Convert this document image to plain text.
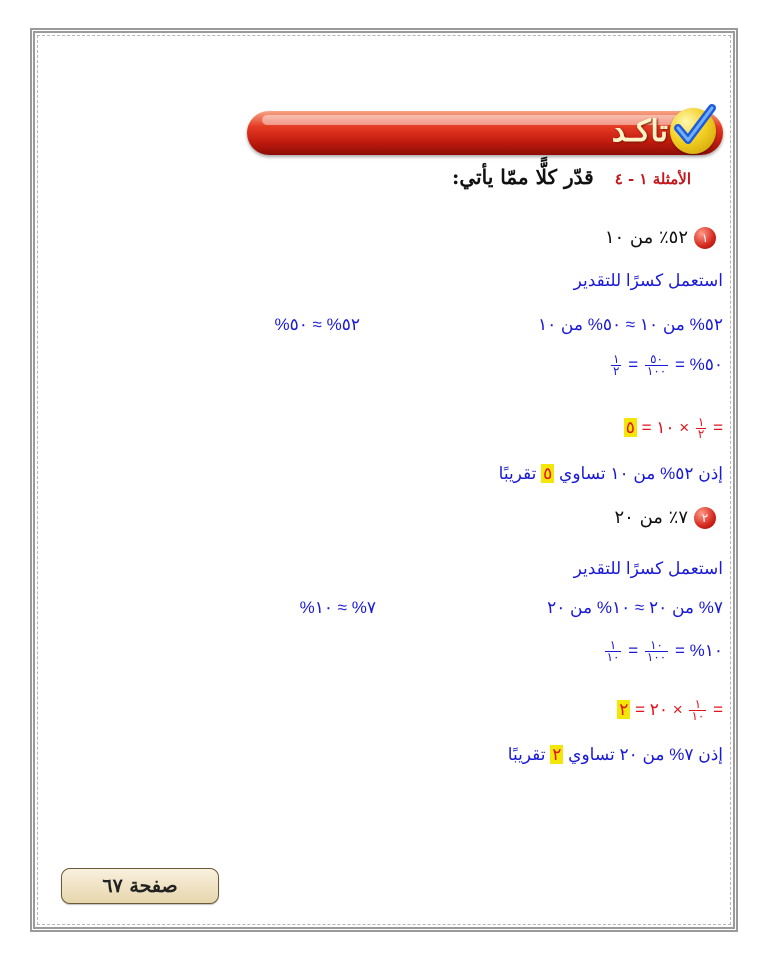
تاكـد
الأمثلة ١ - ٤ قدّر كلًّا ممّا يأتي:
١٥٢٪ من ١٠
استعمل كسرًا للتقدير
٥٢% من ١٠ ≈ ٥٠% من ١٠
٥٢% ≈ ٥٠%
٥٠% =
$\frac{٥٠}{١٠٠}$
=
$\frac{١}{٢}$
=
$\frac{١}{٢}$
× ١٠ = ٥
إذن ٥٢% من ١٠ تساوي ٥ تقريبًا
٢٧٪ من ٢٠
استعمل كسرًا للتقدير
٧% من ٢٠ ≈ ١٠% من ٢٠
٧% ≈ ١٠%
١٠% =
$\frac{١٠}{١٠٠}$
=
$\frac{١}{١٠}$
=
$\frac{١}{١٠}$
× ٢٠ = ٢
إذن ٧% من ٢٠ تساوي ٢ تقريبًا
صفحة ٦٧
